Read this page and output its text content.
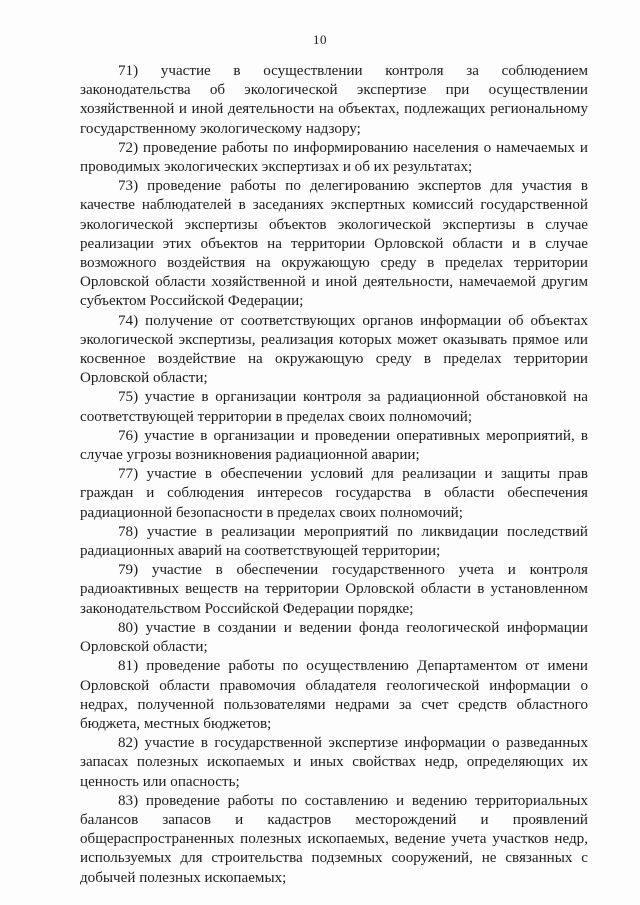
10

71) участие в осуществлении контроля за соблюдением законодательства об экологической экспертизе при осуществлении хозяйственной и иной деятельности на объектах, подлежащих региональному государственному экологическому надзору;

72) проведение работы по информированию населения о намечаемых и проводимых экологических экспертизах и об их результатах;

73) проведение работы по делегированию экспертов для участия в качестве наблюдателей в заседаниях экспертных комиссий государственной экологической экспертизы объектов экологической экспертизы в случае реализации этих объектов на территории Орловской области и в случае возможного воздействия на окружающую среду в пределах территории Орловской области хозяйственной и иной деятельности, намечаемой другим субъектом Российской Федерации;

74) получение от соответствующих органов информации об объектах экологической экспертизы, реализация которых может оказывать прямое или косвенное воздействие на окружающую среду в пределах территории Орловской области;

75) участие в организации контроля за радиационной обстановкой на соответствующей территории в пределах своих полномочий;

76) участие в организации и проведении оперативных мероприятий, в случае угрозы возникновения радиационной аварии;

77) участие в обеспечении условий для реализации и защиты прав граждан и соблюдения интересов государства в области обеспечения радиационной безопасности в пределах своих полномочий;

78) участие в реализации мероприятий по ликвидации последствий радиационных аварий на соответствующей территории;

79) участие в обеспечении государственного учета и контроля радиоактивных веществ на территории Орловской области в установленном законодательством Российской Федерации порядке;

80) участие в создании и ведении фонда геологической информации Орловской области;

81) проведение работы по осуществлению Департаментом от имени Орловской области правомочия обладателя геологической информации о недрах, полученной пользователями недрами за счет средств областного бюджета, местных бюджетов;

82) участие в государственной экспертизе информации о разведанных запасах полезных ископаемых и иных свойствах недр, определяющих их ценность или опасность;

83) проведение работы по составлению и ведению территориальных балансов запасов и кадастров месторождений и проявлений общераспространенных полезных ископаемых, ведение учета участков недр, используемых для строительства подземных сооружений, не связанных с добычей полезных ископаемых;
